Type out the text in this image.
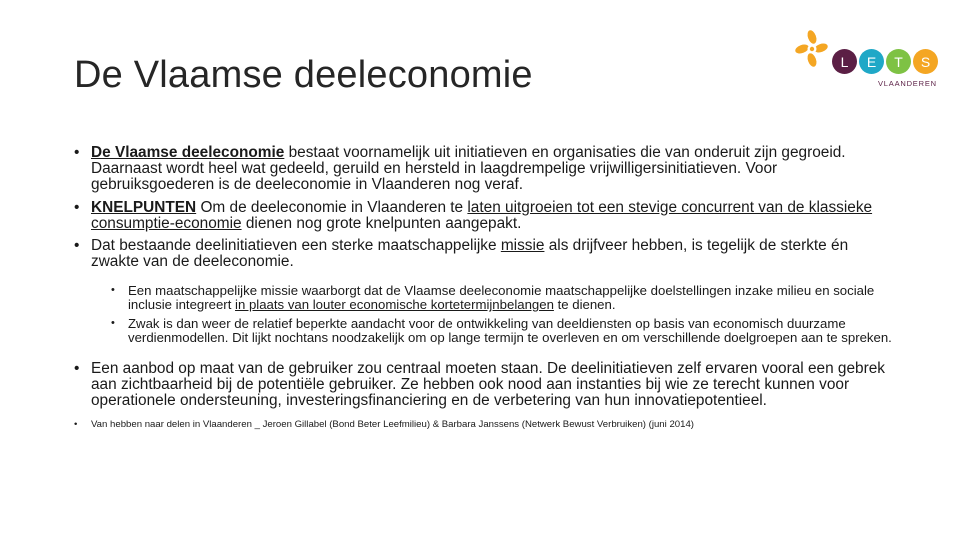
De Vlaamse deeleconomie	L	E	T	S
VLAANDEREN
• De Vlaamse deeleconomie bestaat voornamelijk uit initiatieven en organisaties die van onderuit zijn gegroeid. Daarnaast wordt heel wat gedeeld, geruild en hersteld in laagdrempelige vrijwilligersinitiatieven. Voor gebruiksgoederen is de deeleconomie in Vlaanderen nog veraf.
• KNELPUNTEN Om de deeleconomie in Vlaanderen te laten uitgroeien tot een stevige concurrent van de klassieke consumptie-economie dienen nog grote knelpunten aangepakt.
• Dat bestaande deelinitiatieven een sterke maatschappelijke missie als drijfveer hebben, is tegelijk de sterkte én zwakte van de deeleconomie.
• Een maatschappelijke missie waarborgt dat de Vlaamse deeleconomie maatschappelijke doelstellingen inzake milieu en sociale inclusie integreert in plaats van louter economische kortetermijnbelangen te dienen.
• Zwak is dan weer de relatief beperkte aandacht voor de ontwikkeling van deeldiensten op basis van economisch duurzame verdienmodellen. Dit lijkt nochtans noodzakelijk om op lange termijn te overleven en om verschillende doelgroepen aan te spreken.
• Een aanbod op maat van de gebruiker zou centraal moeten staan. De deelinitiatieven zelf ervaren vooral een gebrek aan zichtbaarheid bij de potentiële gebruiker. Ze hebben ook nood aan instanties bij wie ze terecht kunnen voor operationele ondersteuning, investeringsfinanciering en de verbetering van hun innovatiepotentieel.
• Van hebben naar delen in Vlaanderen _ Jeroen Gillabel (Bond Beter Leefmilieu) & Barbara Janssens (Netwerk Bewust Verbruiken) (juni 2014)
